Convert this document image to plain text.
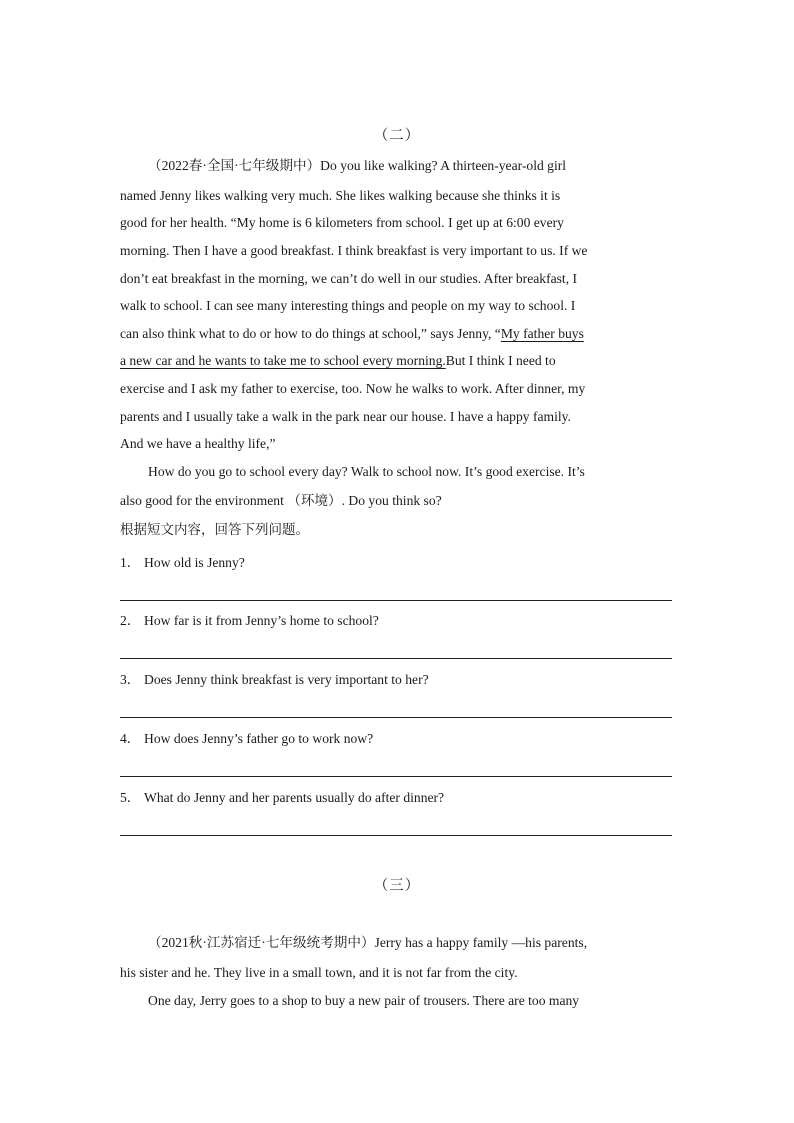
（二）
（2022春·全国·七年级期中）Do you like walking? A thirteen-year-old girl
named Jenny likes walking very much. She likes walking because she thinks it is
good for her health. “My home is 6 kilometers from school. I get up at 6:00 every
morning. Then I have a good breakfast. I think breakfast is very important to us. If we
don’t eat breakfast in the morning, we can’t do well in our studies. After breakfast, I
walk to school. I can see many interesting things and people on my way to school. I
can also think what to do or how to do things at school,” says Jenny, “ My father buys
a new car and he wants to take me to school every morning. But I think I need to
exercise and I ask my father to exercise, too. Now he walks to work. After dinner, my
parents and I usually take a walk in the park near our house. I have a happy family.
And we have a healthy life,”
How do you go to school every day? Walk to school now. It’s good exercise. It’s
also good for the environment （环境）. Do you think so?
根据短文内容，回答下列问题。
1． How old is Jenny?
2． How far is it from Jenny’s home to school?
3． Does Jenny think breakfast is very important to her?
4． How does Jenny’s father go to work now?
5． What do Jenny and her parents usually do after dinner?
（三）
（2021秋·江苏宿迁·七年级统考期中）Jerry has a happy family —his parents,
his sister and he. They live in a small town, and it is not far from the city.
One day, Jerry goes to a shop to buy a new pair of trousers. There are too many
